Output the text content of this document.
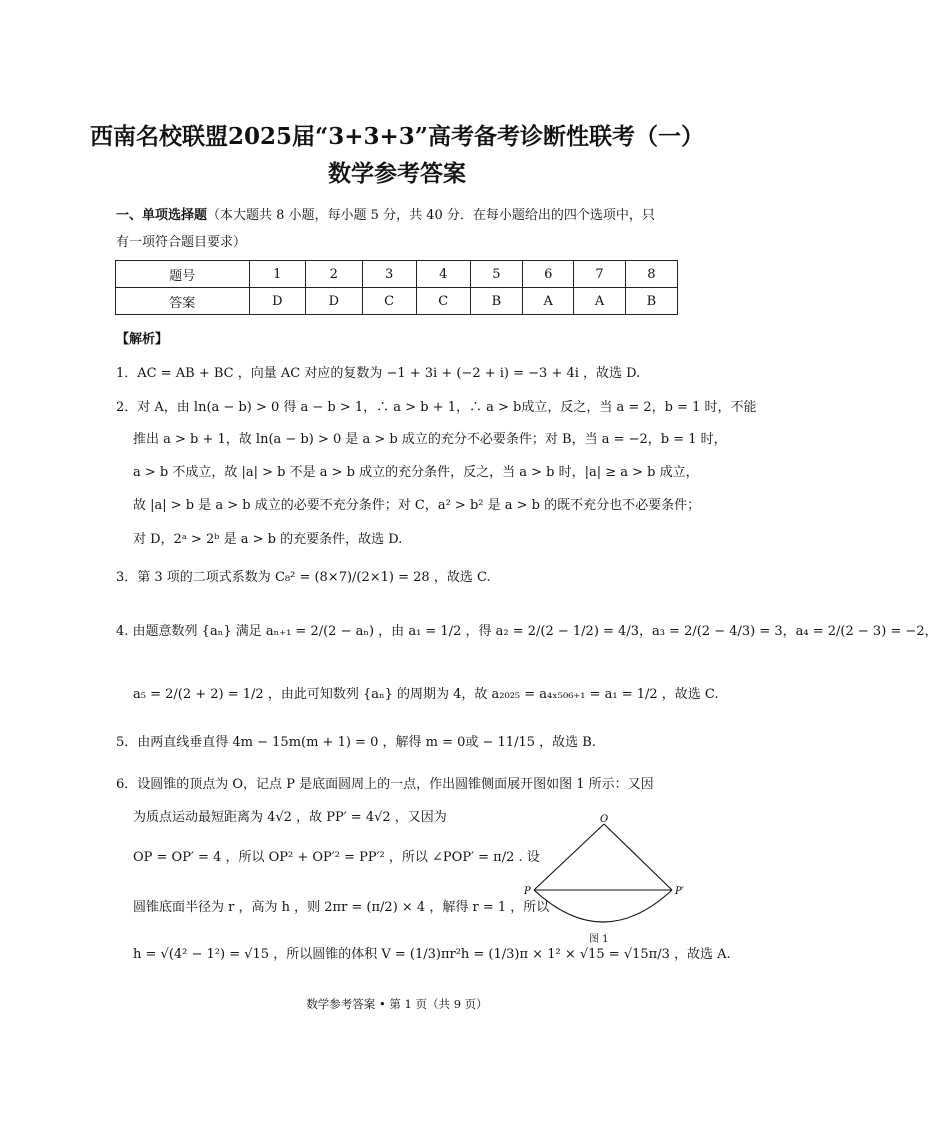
西南名校联盟2025届“3+3+3”高考备考诊断性联考（一）
数学参考答案
一、单项选择题（本大题共 8 小题，每小题 5 分，共 40 分．在每小题给出的四个选项中，只
有一项符合题目要求）
题号	1	2	3	4	5	6	7	8
答案	D	D	C	C	B	A	A	B
【解析】
1．AC = AB + BC ，向量 AC 对应的复数为 −1 + 3i + (−2 + i) = −3 + 4i ，故选 D.
2．对 A，由 ln(a − b) > 0 得 a − b > 1，∴ a > b + 1，∴ a > b成立，反之，当 a = 2，b = 1 时，不能
推出 a > b + 1，故 ln(a − b) > 0 是 a > b 成立的充分不必要条件；对 B，当 a = −2，b = 1 时，
a > b 不成立，故 |a| > b 不是 a > b 成立的充分条件，反之，当 a > b 时，|a| ≥ a > b 成立，
故 |a| > b 是 a > b 成立的必要不充分条件；对 C，a² > b² 是 a > b 的既不充分也不必要条件；
对 D，2ᵃ > 2ᵇ 是 a > b 的充要条件，故选 D.
3．第 3 项的二项式系数为 C₈² = (8×7)/(2×1) = 28 ，故选 C.
4. 由题意数列 {aₙ} 满足 aₙ₊₁ = 2/(2 − aₙ) ，由 a₁ = 1/2 ，得 a₂ = 2/(2 − 1/2) = 4/3，a₃ = 2/(2 − 4/3) = 3，a₄ = 2/(2 − 3) = −2，
a₅ = 2/(2 + 2) = 1/2 ，由此可知数列 {aₙ} 的周期为 4，故 a₂₀₂₅ = a₄ₓ₅₀₆₊₁ = a₁ = 1/2 ，故选 C.
5．由两直线垂直得 4m − 15m(m + 1) = 0 ，解得 m = 0或 − 11/15 ，故选 B.
6．设圆锥的顶点为 O，记点 P 是底面圆周上的一点，作出圆锥侧面展开图如图 1 所示：又因
为质点运动最短距离为 4√2 ，故 PP′ = 4√2 ，又因为
OP = OP′ = 4 ，所以 OP² + OP′² = PP′² ，所以 ∠POP′ = π/2 . 设
圆锥底面半径为 r ，高为 h ，则 2πr = (π/2) × 4 ，解得 r = 1 ，所以
h = √(4² − 1²) = √15 ，所以圆锥的体积 V = (1/3)πr²h = (1/3)π × 1² × √15 = √15π/3 ，故选 A.
O
P	P′
图 1
数学参考答案 • 第 1 页（共 9 页）
